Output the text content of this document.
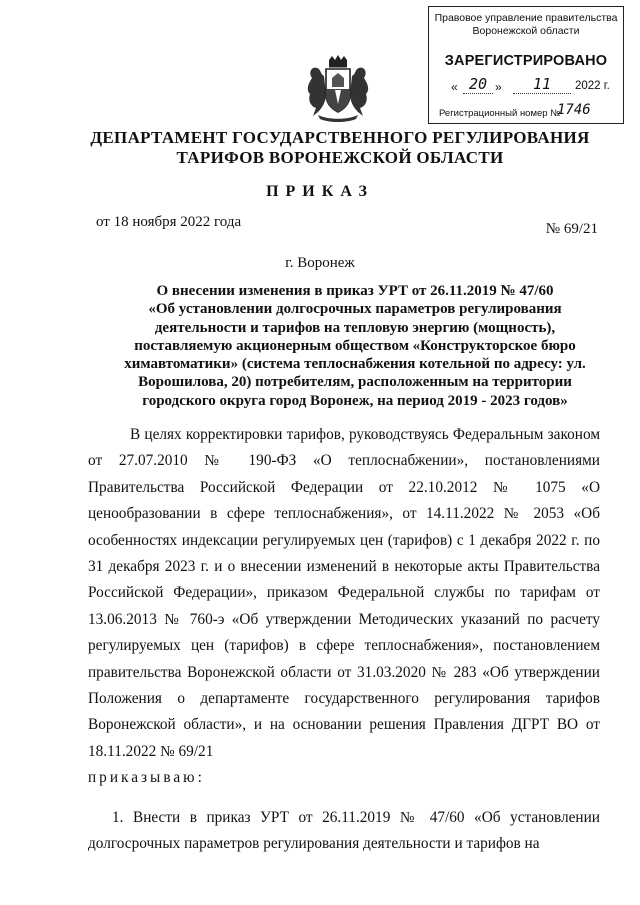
Правовое управление правительства
Воронежской области
ЗАРЕГИСТРИРОВАНО
« 20 »	11	2022 г.
Регистрационный номер №
1746
ДЕПАРТАМЕНТ ГОСУДАРСТВЕННОГО РЕГУЛИРОВАНИЯ
ТАРИФОВ ВОРОНЕЖСКОЙ ОБЛАСТИ
ПРИКАЗ
от 18 ноября 2022 года	№ 69/21
г. Воронеж
О внесении изменения в приказ УРТ от 26.11.2019 № 47/60
«Об установлении долгосрочных параметров регулирования
деятельности и тарифов на тепловую энергию (мощность),
поставляемую акционерным обществом «Конструкторское бюро
химавтоматики» (система теплоснабжения котельной по адресу: ул.
Ворошилова, 20) потребителям, расположенным на территории
городского округа город Воронеж, на период 2019 - 2023 годов»

В целях корректировки тарифов, руководствуясь Федеральным законом от 27.07.2010 № 190-ФЗ «О теплоснабжении», постановлениями Правительства Российской Федерации от 22.10.2012 № 1075 «О ценообразовании в сфере теплоснабжения», от 14.11.2022 № 2053 «Об особенностях индексации регулируемых цен (тарифов) с 1 декабря 2022 г. по 31 декабря 2023 г. и о внесении изменений в некоторые акты Правительства Российской Федерации», приказом Федеральной службы по тарифам от 13.06.2013 № 760-э «Об утверждении Методических указаний по расчету регулируемых цен (тарифов) в сфере теплоснабжения», постановлением правительства Воронежской области от 31.03.2020 № 283 «Об утверждении Положения о департаменте государственного регулирования тарифов Воронежской области», и на основании решения Правления ДГРТ ВО от 18.11.2022 № 69/21

приказываю:

1. Внести в приказ УРТ от 26.11.2019 № 47/60 «Об установлении долгосрочных параметров регулирования деятельности и тарифов на
